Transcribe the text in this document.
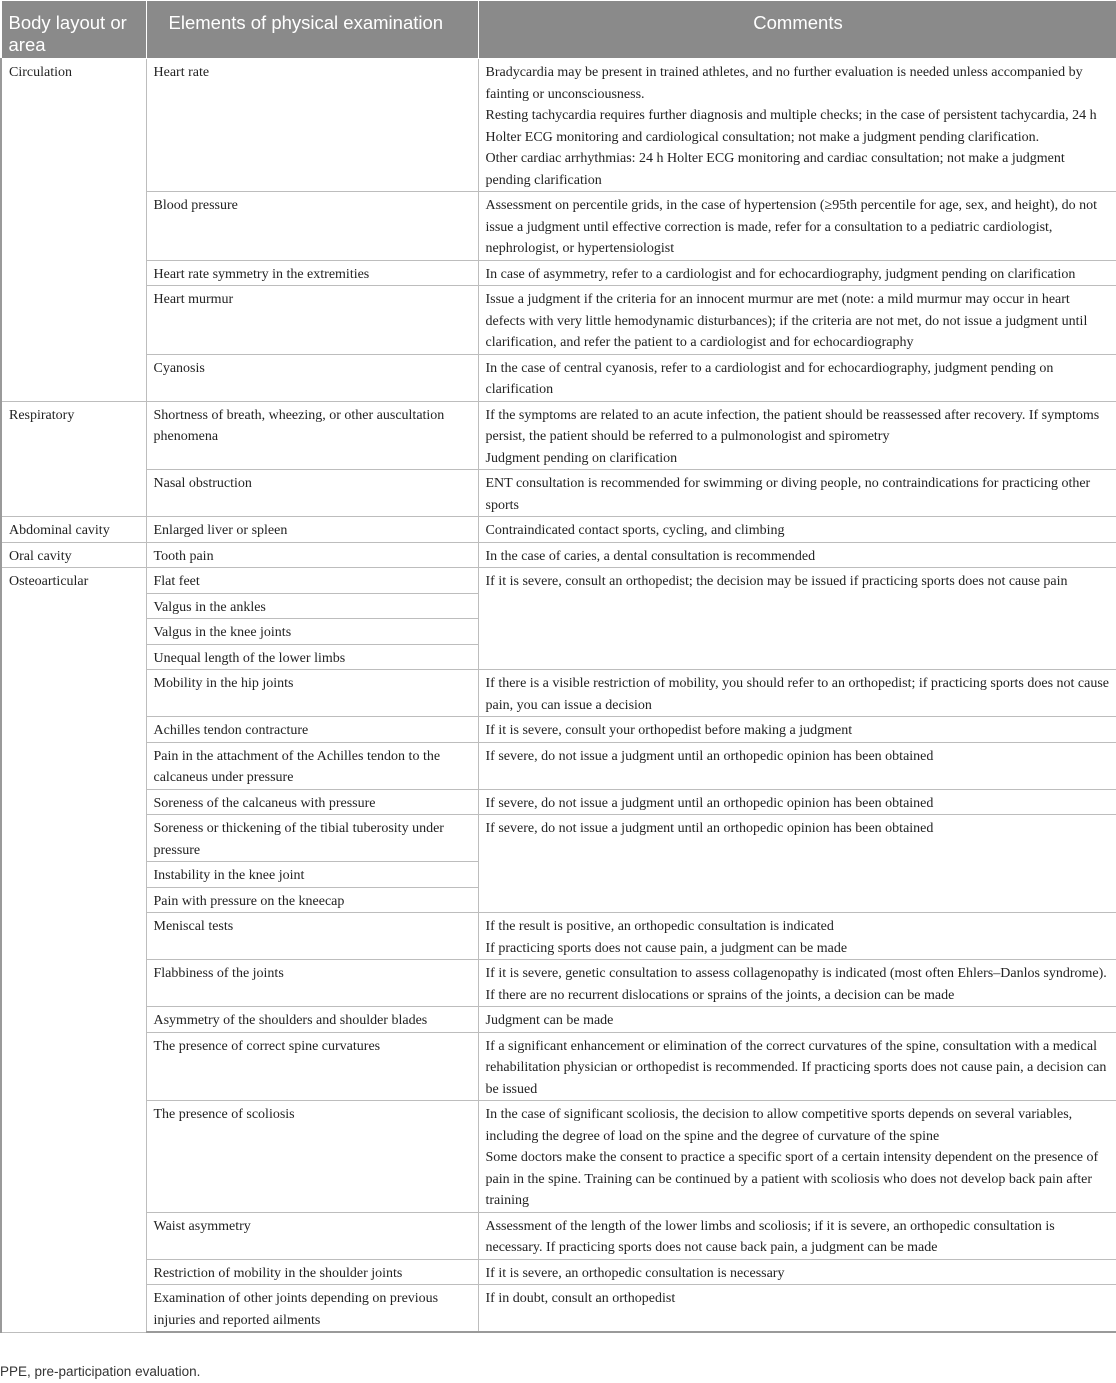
Body layout or area	Elements of physical examination	Comments
Circulation	Heart rate	Bradycardia may be present in trained athletes, and no further evaluation is needed unless accompanied by fainting or unconsciousness.
Resting tachycardia requires further diagnosis and multiple checks; in the case of persistent tachycardia, 24 h Holter ECG monitoring and cardiological consultation; not make a judgment pending clarification.
Other cardiac arrhythmias: 24 h Holter ECG monitoring and cardiac consultation; not make a judgment pending clarification

	Blood pressure	Assessment on percentile grids, in the case of hypertension (≥95th percentile for age, sex, and height), do not issue a judgment until effective correction is made, refer for a consultation to a pediatric cardiologist, nephrologist, or hypertensiologist
	Heart rate symmetry in the extremities	In case of asymmetry, refer to a cardiologist and for echocardiography, judgment pending on clarification
	Heart murmur	Issue a judgment if the criteria for an innocent murmur are met (note: a mild murmur may occur in heart defects with very little hemodynamic disturbances); if the criteria are not met, do not issue a judgment until clarification, and refer the patient to a cardiologist and for echocardiography
	Cyanosis	In the case of central cyanosis, refer to a cardiologist and for echocardiography, judgment pending on clarification
Respiratory	Shortness of breath, wheezing, or other auscultation phenomena	If the symptoms are related to an acute infection, the patient should be reassessed after recovery. If symptoms persist, the patient should be referred to a pulmonologist and spirometry
Judgment pending on clarification

	Nasal obstruction	ENT consultation is recommended for swimming or diving people, no contraindications for practicing other sports
Abdominal cavity	Enlarged liver or spleen	Contraindicated contact sports, cycling, and climbing
Oral cavity	Tooth pain	In the case of caries, a dental consultation is recommended
Osteoarticular	Flat feet	If it is severe, consult an orthopedist; the decision may be issued if practicing sports does not cause pain
	Valgus in the ankles	
	Valgus in the knee joints	
	Unequal length of the lower limbs	
	Mobility in the hip joints	If there is a visible restriction of mobility, you should refer to an orthopedist; if practicing sports does not cause pain, you can issue a decision
	Achilles tendon contracture	If it is severe, consult your orthopedist before making a judgment
	Pain in the attachment of the Achilles tendon to the calcaneus under pressure	If severe, do not issue a judgment until an orthopedic opinion has been obtained
	Soreness of the calcaneus with pressure	If severe, do not issue a judgment until an orthopedic opinion has been obtained
	Soreness or thickening of the tibial tuberosity under pressure	If severe, do not issue a judgment until an orthopedic opinion has been obtained
	Instability in the knee joint	
	Pain with pressure on the kneecap	
	Meniscal tests	If the result is positive, an orthopedic consultation is indicated
If practicing sports does not cause pain, a judgment can be made

	Flabbiness of the joints	If it is severe, genetic consultation to assess collagenopathy is indicated (most often Ehlers–Danlos syndrome). If there are no recurrent dislocations or sprains of the joints, a decision can be made
	Asymmetry of the shoulders and shoulder blades	Judgment can be made
	The presence of correct spine curvatures	If a significant enhancement or elimination of the correct curvatures of the spine, consultation with a medical rehabilitation physician or orthopedist is recommended. If practicing sports does not cause pain, a decision can be issued
	The presence of scoliosis	In the case of significant scoliosis, the decision to allow competitive sports depends on several variables, including the degree of load on the spine and the degree of curvature of the spine
Some doctors make the consent to practice a specific sport of a certain intensity dependent on the presence of pain in the spine. Training can be continued by a patient with scoliosis who does not develop back pain after training

	Waist asymmetry	Assessment of the length of the lower limbs and scoliosis; if it is severe, an orthopedic consultation is necessary. If practicing sports does not cause back pain, a judgment can be made
	Restriction of mobility in the shoulder joints	If it is severe, an orthopedic consultation is necessary
	Examination of other joints depending on previous injuries and reported ailments	If in doubt, consult an orthopedist
PPE, pre-participation evaluation.
